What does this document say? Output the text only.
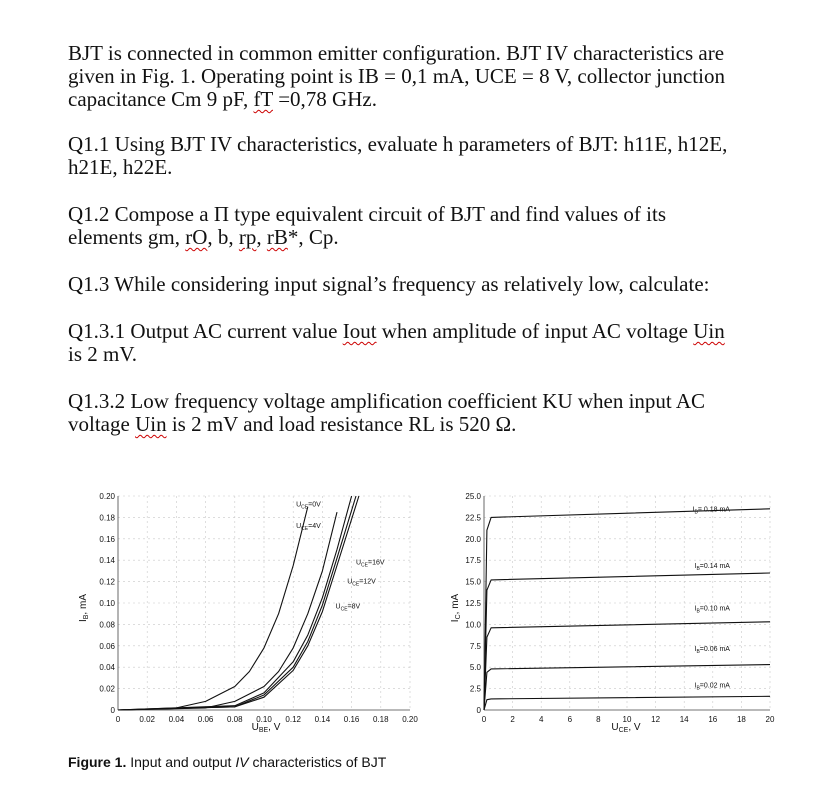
BJT is connected in common emitter configuration. BJT IV characteristics are
given in Fig. 1. Operating point is IB = 0,1 mA, UCE = 8 V, collector junction
capacitance Cm 9 pF, fT =0,78 GHz.

Q1.1 Using BJT IV characteristics, evaluate h parameters of BJT: h11E, h12E,
h21E, h22E.

Q1.2 Compose a Π type equivalent circuit of BJT and find values of its
elements gm, rO, b, rp, rB*, Cp.

Q1.3 While considering input signal’s frequency as relatively low, calculate:

Q1.3.1 Output AC current value Iout when amplitude of input AC voltage Uin
is 2 mV.

Q1.3.2 Low frequency voltage amplification coefficient KU when input AC
voltage Uin is 2 mV and load resistance RL is 520 Ω.

$I_B$, mA
$U_{BE}$, V
$I_C$, mA
$U_{CE}$, V
0 0.02 0.04 0.06 0.08 0.10 0.12 0.14 0.16 0.18 0.20
0
0.02
0.04
0.06
0.08
0.10
0.12
0.14
0.16
0.18
0.20
$U_{CE}=0V$
$U_{CE}=4V$
$U_{CE}=16V$
$U_{CE}=12V$
$U_{CE}=8V$
0	2	4	6	8	10 12 14 16 18 20
0
2.5
5.0
7.5
10.0
12.5
15.0
17.5
20.0
22.5
25.0
$I_B= 0.18$ mA
$I_B=0.14$ mA
$I_B=0.10$ mA
$I_B=0.06$ mA
$I_B=0.02$ mA
Figure 1. Input and output IV characteristics of BJT
